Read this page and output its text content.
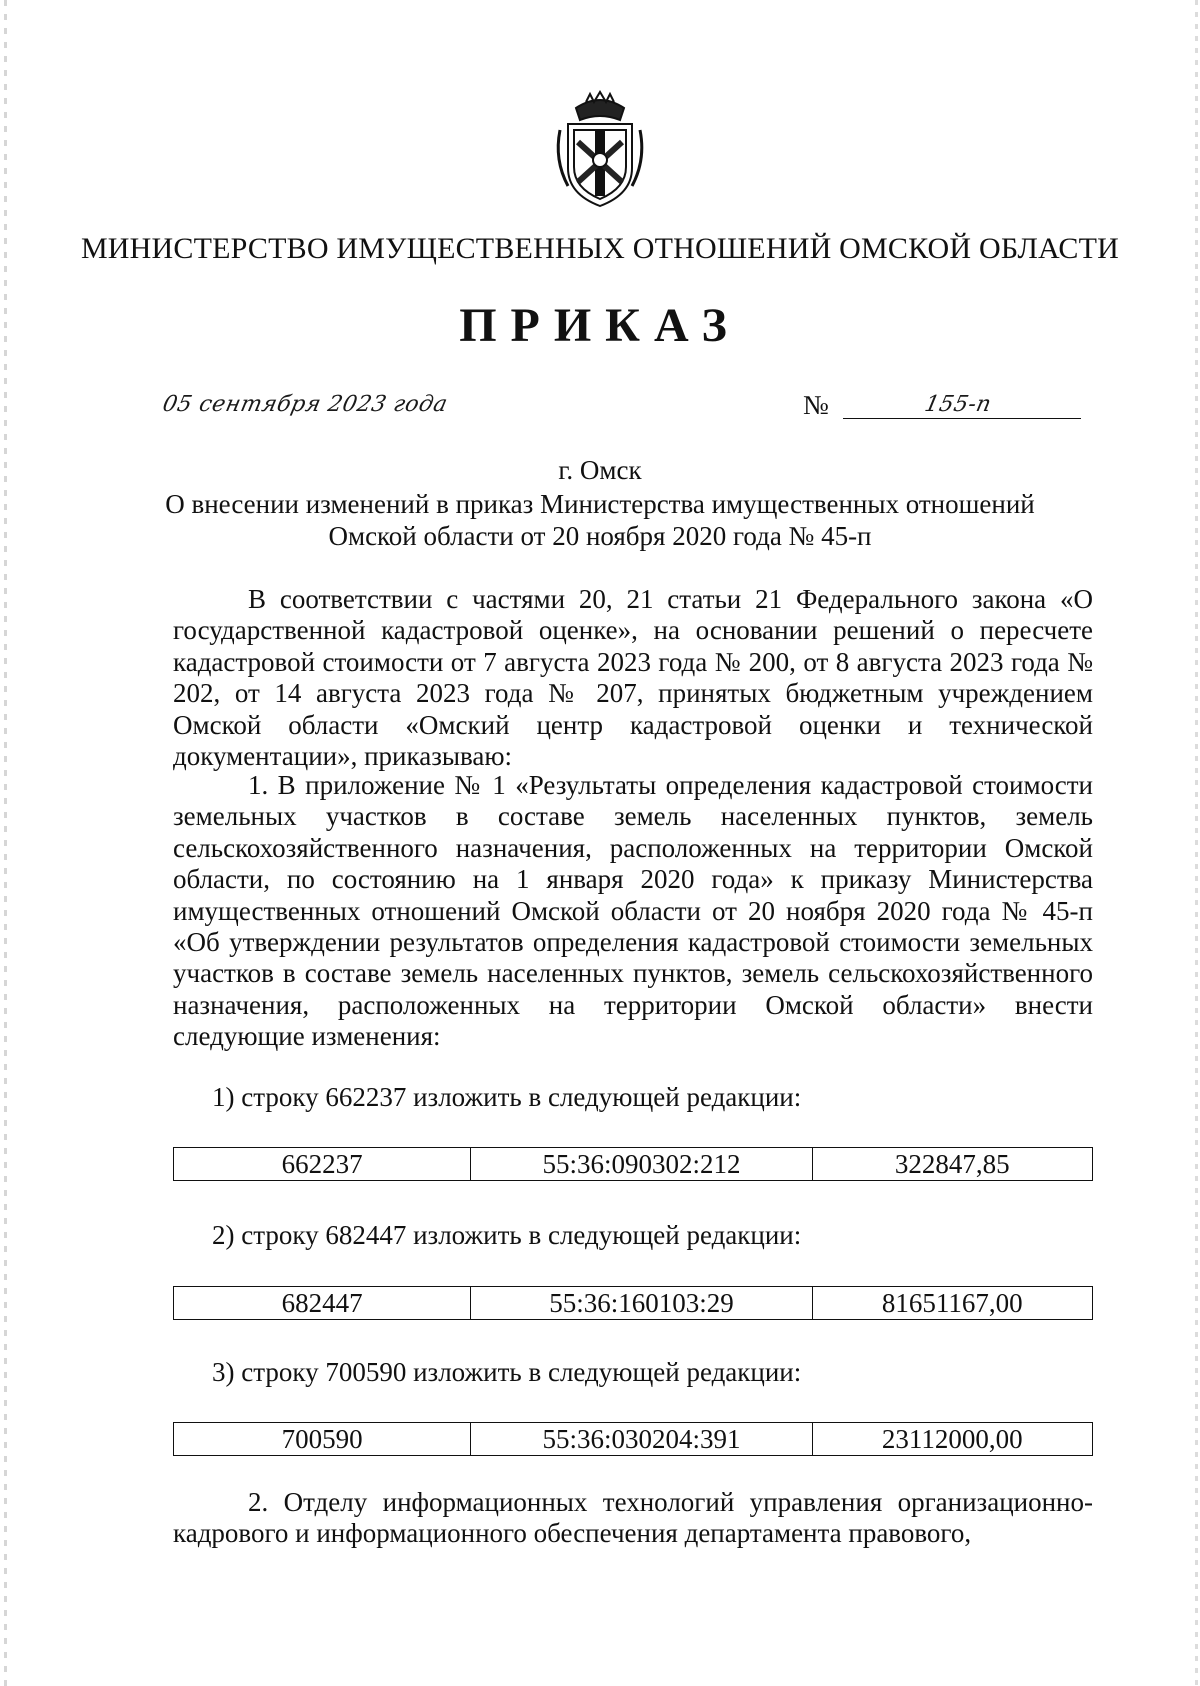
МИНИСТЕРСТВО ИМУЩЕСТВЕННЫХ ОТНОШЕНИЙ ОМСКОЙ ОБЛАСТИ
ПРИКАЗ
05 сентября 2023 года	№	155-п
г. Омск
О внесении изменений в приказ Министерства имущественных отношений
Омской области от 20 ноября 2020 года № 45-п
В соответствии с частями 20, 21 статьи 21 Федерального закона «О государственной кадастровой оценке», на основании решений о пересчете кадастровой стоимости от 7 августа 2023 года № 200, от 8 августа 2023 года № 202, от 14 августа 2023 года № 207, принятых бюджетным учреждением Омской области «Омский центр кадастровой оценки и технической документации», приказываю:
1. В приложение № 1 «Результаты определения кадастровой стоимости земельных участков в составе земель населенных пунктов, земель сельскохозяйственного назначения, расположенных на территории Омской области, по состоянию на 1 января 2020 года» к приказу Министерства имущественных отношений Омской области от 20 ноября 2020 года № 45-п «Об утверждении результатов определения кадастровой стоимости земельных участков в составе земель населенных пунктов, земель сельскохозяйственного назначения, расположенных на территории Омской области» внести следующие изменения:
1) строку 662237 изложить в следующей редакции:
662237	55:36:090302:212	322847,85
2) строку 682447 изложить в следующей редакции:
682447	55:36:160103:29	81651167,00
3) строку 700590 изложить в следующей редакции:
700590	55:36:030204:391	23112000,00
2. Отделу информационных технологий управления организационно-кадрового и информационного обеспечения департамента правового,
